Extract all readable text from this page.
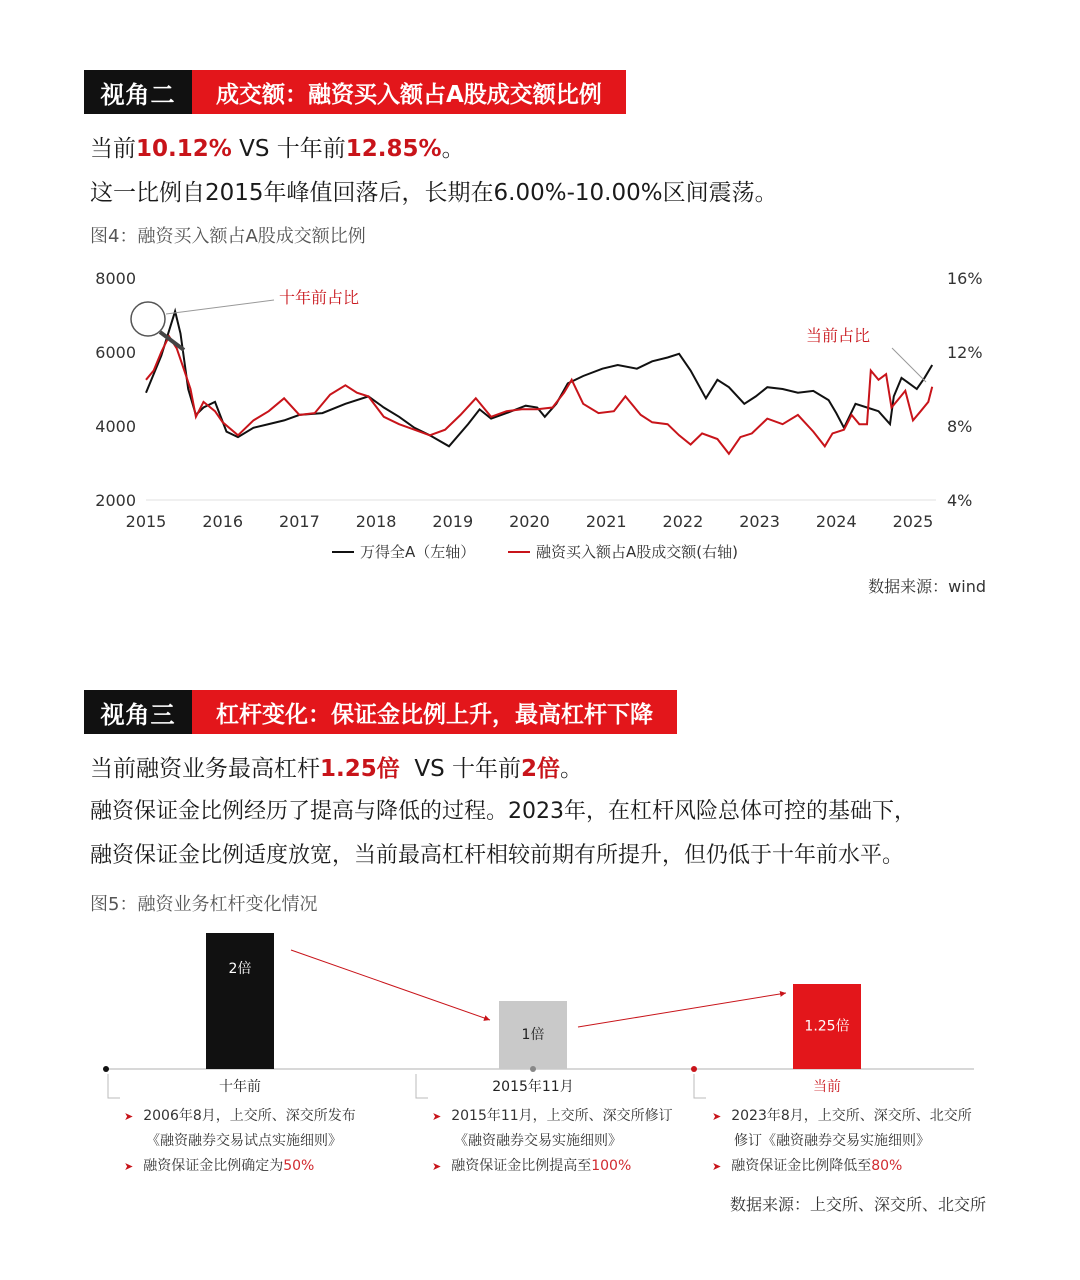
视角二	成交额：融资买入额占A股成交额比例
当前10.12% VS 十年前12.85%。
这一比例自2015年峰值回落后，长期在6.00%-10.00%区间震荡。
图4：融资买入额占A股成交额比例
2015 2016 2017 2018 2019 2020 2021 2022 2023 2024 2025
2000
4000
6000
8000
4%
8%
12%
16%
十年前占比
当前占比
万得全A（左轴）	融资买入额占A股成交额(右轴)
数据来源：wind
视角三	杠杆变化：保证金比例上升，最高杠杆下降
当前融资业务最高杠杆1.25倍  VS 十年前2倍。
融资保证金比例经历了提高与降低的过程。2023年，在杠杆风险总体可控的基础下，
融资保证金比例适度放宽，当前最高杠杆相较前期有所提升，但仍低于十年前水平。
图5：融资业务杠杆变化情况
2倍
十年前
1倍
2015年11月
1.25倍
当前
➤ 2006年8月，上交所、深交所发布
《融资融券交易试点实施细则》
➤ 融资保证金比例确定为50%
➤ 2015年11月，上交所、深交所修订
《融资融券交易实施细则》
➤ 融资保证金比例提高至100%
➤ 2023年8月，上交所、深交所、北交所
修订《融资融券交易实施细则》
➤ 融资保证金比例降低至80%
数据来源：上交所、深交所、北交所
